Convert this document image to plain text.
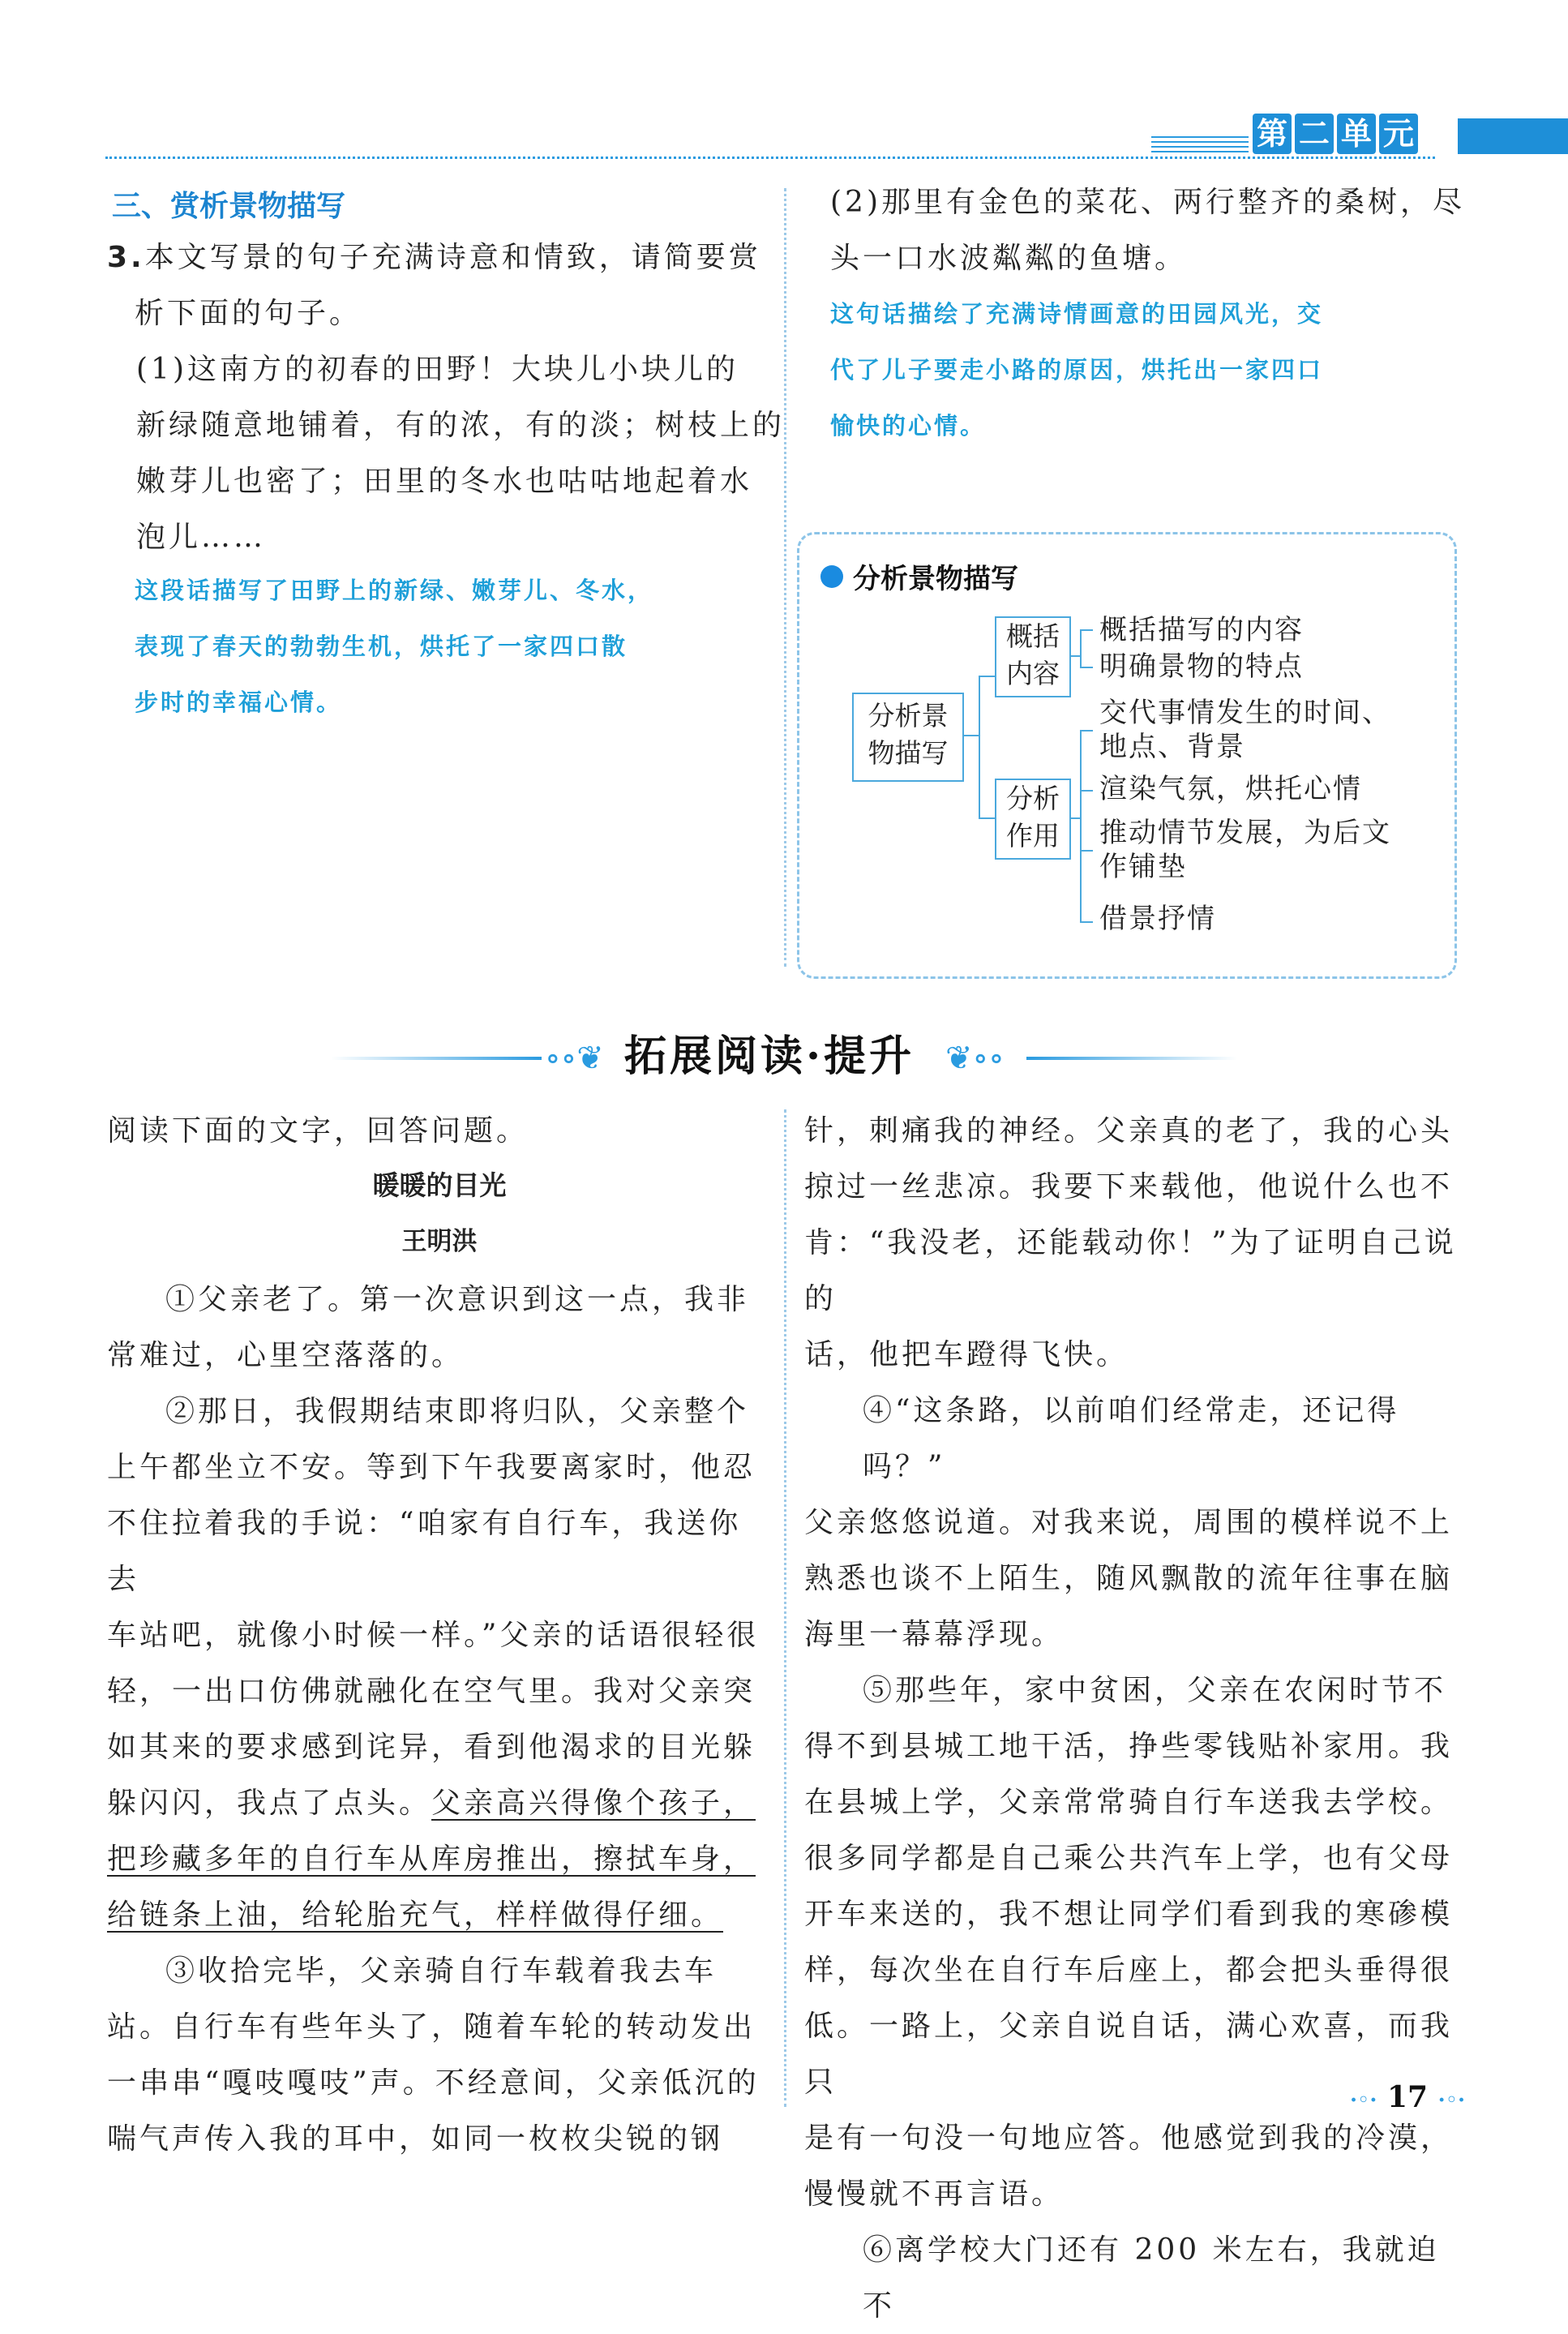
第 二 单 元
三、赏析景物描写
3.本文写景的句子充满诗意和情致，请简要赏
析下面的句子。
(1)这南方的初春的田野！大块儿小块儿的
新绿随意地铺着，有的浓，有的淡；树枝上的
嫩芽儿也密了；田里的冬水也咕咕地起着水
泡儿……
这段话描写了田野上的新绿、嫩芽儿、冬水，
表现了春天的勃勃生机，烘托了一家四口散
步时的幸福心情。
(2)那里有金色的菜花、两行整齐的桑树，尽
头一口水波粼粼的鱼塘。
这句话描绘了充满诗情画意的田园风光，交
代了儿子要走小路的原因，烘托出一家四口
愉快的心情。
分析景物描写
分析景
物描写
概括
内容
分析
作用
概括描写的内容
明确景物的特点
交代事情发生的时间、
地点、背景
渲染气氛，烘托心情
推动情节发展，为后文
作铺垫
借景抒情
∘∘❦	❦∘∘
拓展阅读·提升
阅读下面的文字，回答问题。
暖暖的目光
王明洪
①父亲老了。第一次意识到这一点，我非
常难过，心里空落落的。
②那日，我假期结束即将归队，父亲整个
上午都坐立不安。等到下午我要离家时，他忍
不住拉着我的手说：“咱家有自行车，我送你去
车站吧，就像小时候一样。”父亲的话语很轻很
轻，一出口仿佛就融化在空气里。我对父亲突
如其来的要求感到诧异，看到他渴求的目光躲
躲闪闪，我点了点头。父亲高兴得像个孩子，
把珍藏多年的自行车从库房推出，擦拭车身，
给链条上油，给轮胎充气，样样做得仔细。
③收拾完毕，父亲骑自行车载着我去车
站。自行车有些年头了，随着车轮的转动发出
一串串“嘎吱嘎吱”声。不经意间，父亲低沉的
喘气声传入我的耳中，如同一枚枚尖锐的钢
针，刺痛我的神经。父亲真的老了，我的心头
掠过一丝悲凉。我要下来载他，他说什么也不
肯：“我没老，还能载动你！”为了证明自己说的
话，他把车蹬得飞快。
④“这条路，以前咱们经常走，还记得吗？”
父亲悠悠说道。对我来说，周围的模样说不上
熟悉也谈不上陌生，随风飘散的流年往事在脑
海里一幕幕浮现。
⑤那些年，家中贫困，父亲在农闲时节不
得不到县城工地干活，挣些零钱贴补家用。我
在县城上学，父亲常常骑自行车送我去学校。
很多同学都是自己乘公共汽车上学，也有父母
开车来送的，我不想让同学们看到我的寒碜模
样，每次坐在自行车后座上，都会把头垂得很
低。一路上，父亲自说自话，满心欢喜，而我只
是有一句没一句地应答。他感觉到我的冷漠，
慢慢就不再言语。
⑥离学校大门还有 200 米左右，我就迫不
·◦· 17 ·◦·
